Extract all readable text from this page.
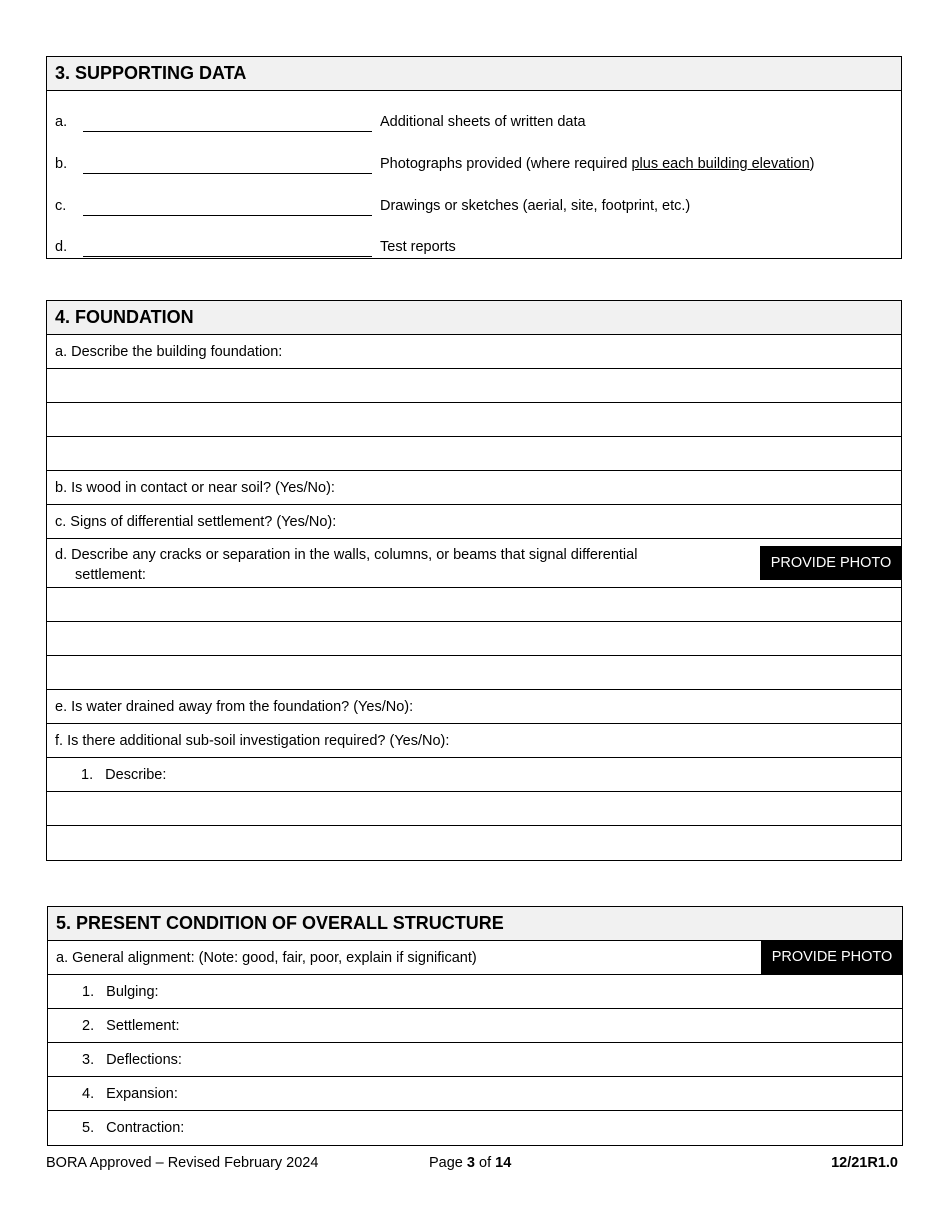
3. SUPPORTING DATA
a.	Additional sheets of written data
b.	Photographs provided (where required plus each building elevation)
c.	Drawings or sketches (aerial, site, footprint, etc.)
d.	Test reports
4. FOUNDATION
a. Describe the building foundation:
b. Is wood in contact or near soil? (Yes/No):
c. Signs of differential settlement? (Yes/No):
d. Describe any cracks or separation in the walls, columns, or beams that signal differential
settlement:
PROVIDE PHOTO
e. Is water drained away from the foundation? (Yes/No):
f. Is there additional sub-soil investigation required? (Yes/No):
1. Describe:
5. PRESENT CONDITION OF OVERALL STRUCTURE
a. General alignment: (Note: good, fair, poor, explain if significant)	PROVIDE PHOTO
1. Bulging:
2. Settlement:
3. Deflections:
4. Expansion:
5. Contraction:
BORA Approved – Revised February 2024	Page 3 of 14	12/21R1.0
